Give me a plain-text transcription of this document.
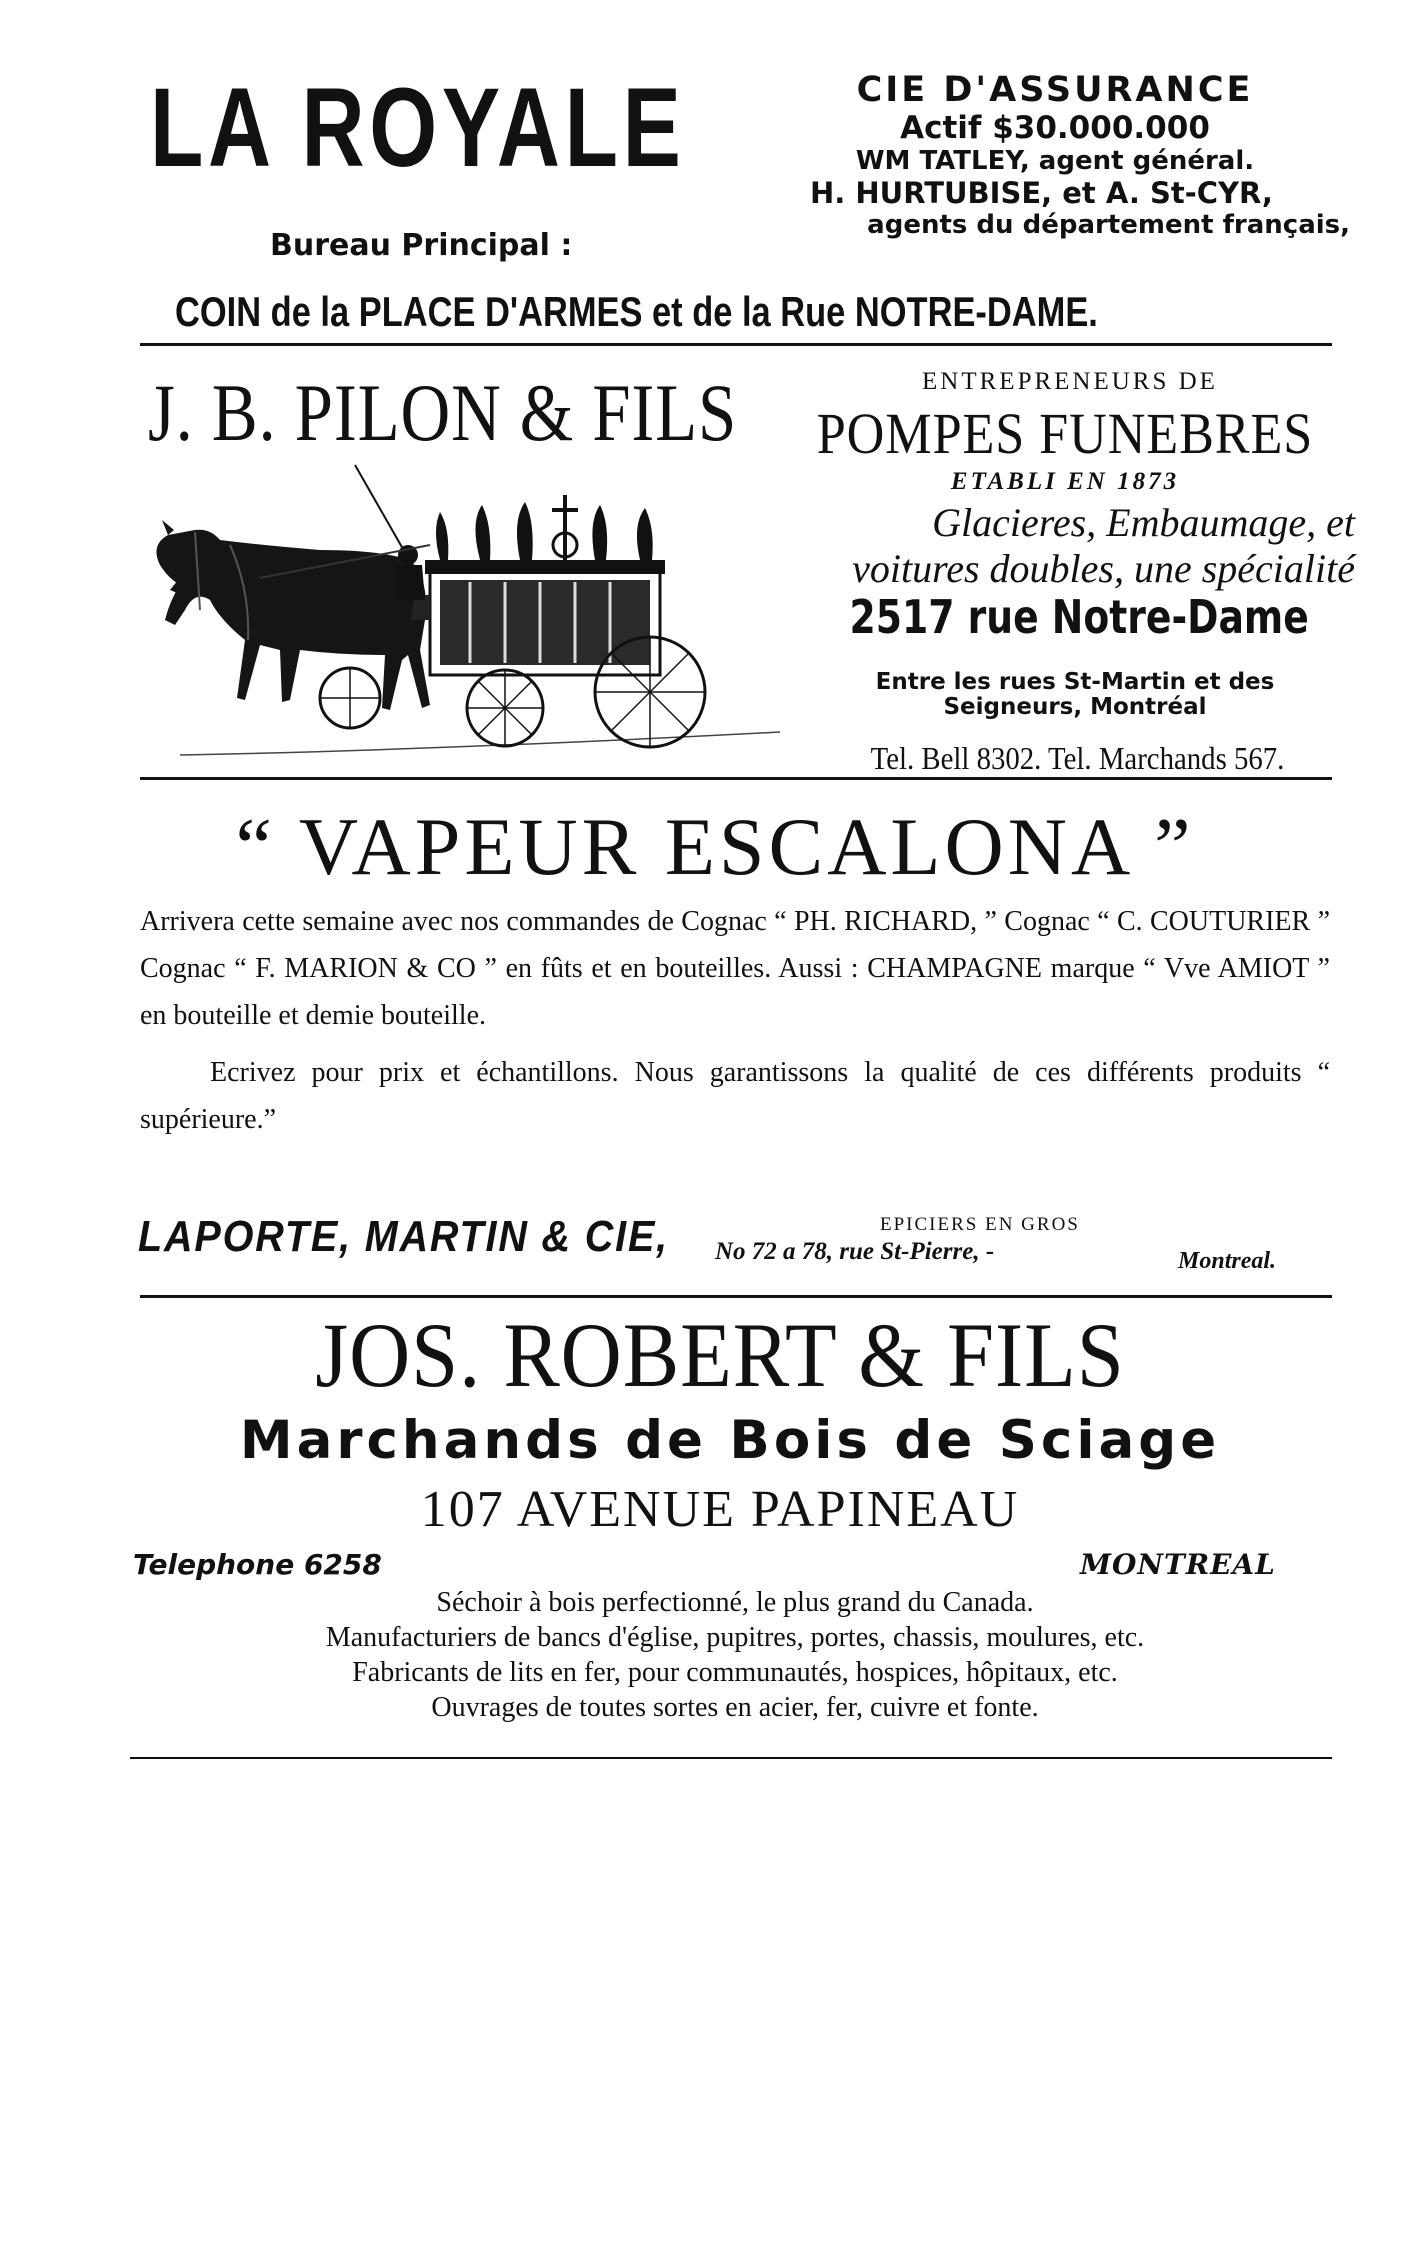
LA ROYALE
Bureau Principal :
CIE D'ASSURANCE
Actif $30.000.000
WM TATLEY, agent général.
H. HURTUBISE, et A. St-CYR,
agents du département français,
COIN de la PLACE D'ARMES et de la Rue NOTRE-DAME.
J. B. PILON & FILS	ENTREPRENEURS DE
POMPES FUNEBRES
ETABLI EN 1873
Glacieres, Embaumage, et
voitures doubles, une spécialité
2517 rue Notre-Dame
Entre les rues St-Martin et des
Seigneurs, Montréal
Tel. Bell 8302. Tel. Marchands 567.
“ VAPEUR ESCALONA ”

Arrivera cette semaine avec nos commandes de Cognac “ PH. RICHARD, ” Cognac “ C. COUTURIER ” Cognac “ F. MARION & CO ” en fûts et en bouteilles. Aussi : CHAMPAGNE marque “ Vve AMIOT ” en bouteille et demie bouteille.

Ecrivez pour prix et échantillons. Nous garantissons la qualité de ces différents produits “ supérieure.”

LAPORTE, MARTIN & CIE,	EPICIERS EN GROS
No 72 a 78, rue St-Pierre, -	Montreal.
JOS. ROBERT & FILS
Marchands de Bois de Sciage
107 AVENUE PAPINEAU
Telephone 6258	MONTREAL
Séchoir à bois perfectionné, le plus grand du Canada.
Manufacturiers de bancs d'église, pupitres, portes, chassis, moulures, etc.
Fabricants de lits en fer, pour communautés, hospices, hôpitaux, etc.
Ouvrages de toutes sortes en acier, fer, cuivre et fonte.
